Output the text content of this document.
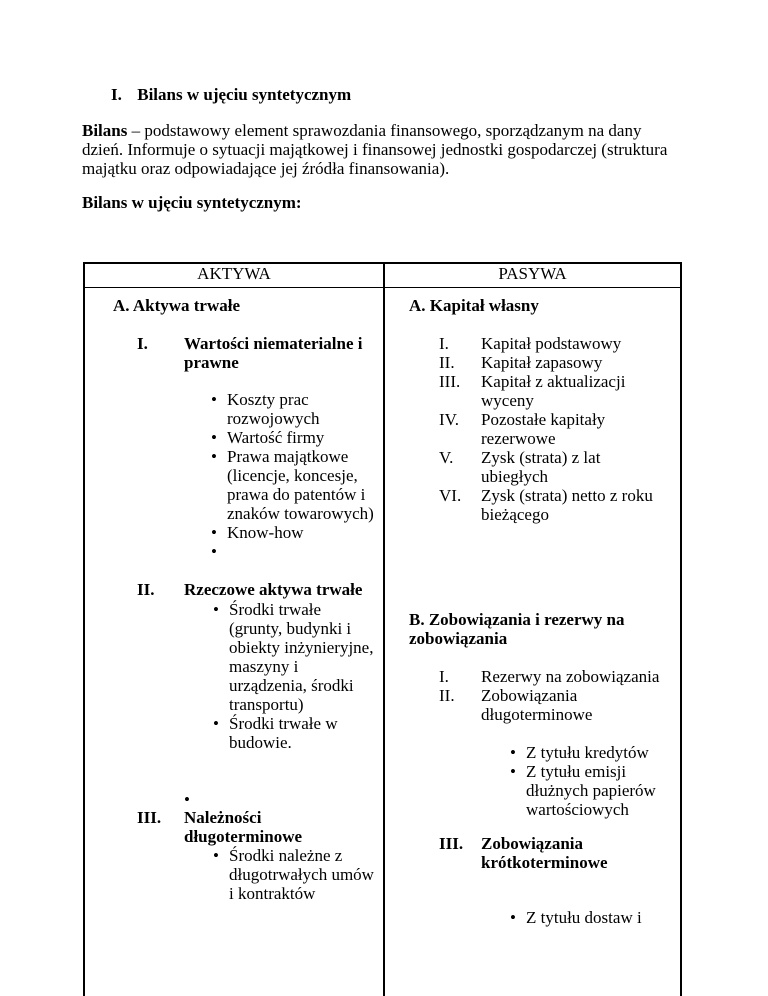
I. Bilans w ujęciu syntetycznym
Bilans – podstawowy element sprawozdania finansowego, sporządzanym na dany dzień. Informuje o sytuacji majątkowej i finansowej jednostki gospodarczej (struktura majątku oraz odpowiadające jej źródła finansowania).
Bilans w ujęciu syntetycznym:
AKTYWA	PASYWA
A. Aktywa trwałe
I. Wartości niematerialne i prawne
• Koszty prac rozwojowych
• Wartość firmy
• Prawa majątkowe (licencje, koncesje, prawa do patentów i znaków towarowych)
• Know-how
•
II. Rzeczowe aktywa trwałe
• Środki trwałe (grunty, budynki i obiekty inżynieryjne, maszyny i urządzenia, środki transportu)
• Środki trwałe w budowie.
•
III. Należności długoterminowe
• Środki należne z długotrwałych umów i kontraktów
A. Kapitał własny
I.
II.
III.
IV.
V.
VI.
Kapitał podstawowy
Kapitał zapasowy
Kapitał z aktualizacji wyceny
Pozostałe kapitały rezerwowe
Zysk (strata) z lat ubiegłych
Zysk (strata) netto z roku bieżącego
B. Zobowiązania i rezerwy na zobowiązania
I.
II.
Rezerwy na zobowiązania
Zobowiązania długoterminowe
• Z tytułu kredytów
• Z tytułu emisji dłużnych papierów wartościowych
III. Zobowiązania krótkoterminowe
• Z tytułu dostaw i
